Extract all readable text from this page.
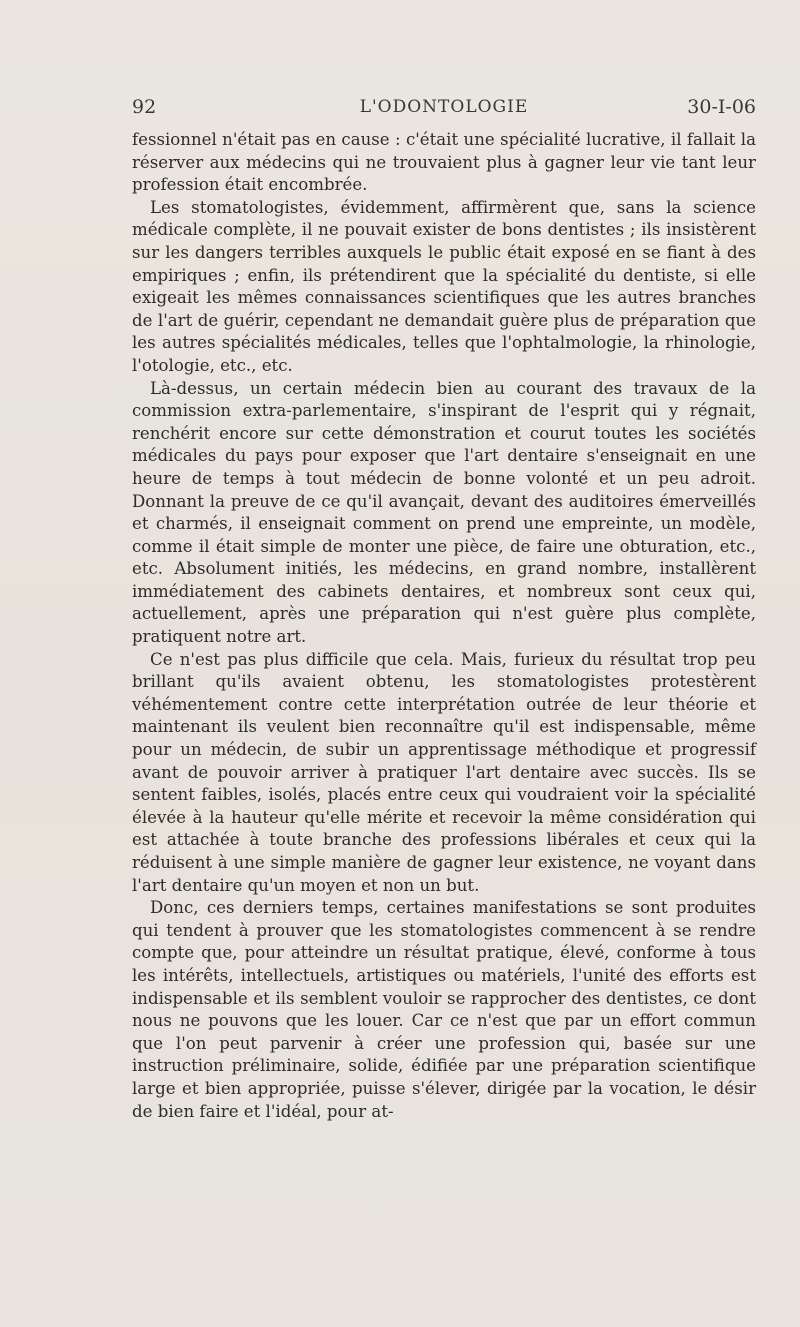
92	L'ODONTOLOGIE	30-I-06

fessionnel n'était pas en cause : c'était une spécialité lucrative, il fallait la réserver aux médecins qui ne trouvaient plus à gagner leur vie tant leur profession était encombrée.

Les stomatologistes, évidemment, affirmèrent que, sans la science médicale complète, il ne pouvait exister de bons dentistes ; ils insistèrent sur les dangers terribles auxquels le public était exposé en se fiant à des empiriques ; enfin, ils prétendirent que la spécialité du dentiste, si elle exigeait les mêmes connaissances scientifiques que les autres branches de l'art de guérir, cependant ne demandait guère plus de préparation que les autres spécialités médicales, telles que l'ophtalmologie, la rhinologie, l'otologie, etc., etc.

Là-dessus, un certain médecin bien au courant des travaux de la commission extra-parlementaire, s'inspirant de l'esprit qui y régnait, renchérit encore sur cette démonstration et courut toutes les sociétés médicales du pays pour exposer que l'art dentaire s'enseignait en une heure de temps à tout médecin de bonne volonté et un peu adroit. Donnant la preuve de ce qu'il avançait, devant des auditoires émerveillés et charmés, il enseignait comment on prend une empreinte, un modèle, comme il était simple de monter une pièce, de faire une obturation, etc., etc. Absolument initiés, les médecins, en grand nombre, installèrent immédiatement des cabinets dentaires, et nombreux sont ceux qui, actuellement, après une préparation qui n'est guère plus complète, pratiquent notre art.

Ce n'est pas plus difficile que cela. Mais, furieux du résultat trop peu brillant qu'ils avaient obtenu, les stomatologistes protestèrent véhémentement contre cette interprétation outrée de leur théorie et maintenant ils veulent bien reconnaître qu'il est indispensable, même pour un médecin, de subir un apprentissage méthodique et progressif avant de pouvoir arriver à pratiquer l'art dentaire avec succès. Ils se sentent faibles, isolés, placés entre ceux qui voudraient voir la spécialité élevée à la hauteur qu'elle mérite et recevoir la même considération qui est attachée à toute branche des professions libérales et ceux qui la réduisent à une simple manière de gagner leur existence, ne voyant dans l'art dentaire qu'un moyen et non un but.

Donc, ces derniers temps, certaines manifestations se sont produites qui tendent à prouver que les stomatologistes commencent à se rendre compte que, pour atteindre un résultat pratique, élevé, conforme à tous les intérêts, intellectuels, artistiques ou matériels, l'unité des efforts est indispensable et ils semblent vouloir se rapprocher des dentistes, ce dont nous ne pouvons que les louer. Car ce n'est que par un effort commun que l'on peut parvenir à créer une profession qui, basée sur une instruction préliminaire, solide, édifiée par une préparation scientifique large et bien appropriée, puisse s'élever, dirigée par la vocation, le désir de bien faire et l'idéal, pour at-
